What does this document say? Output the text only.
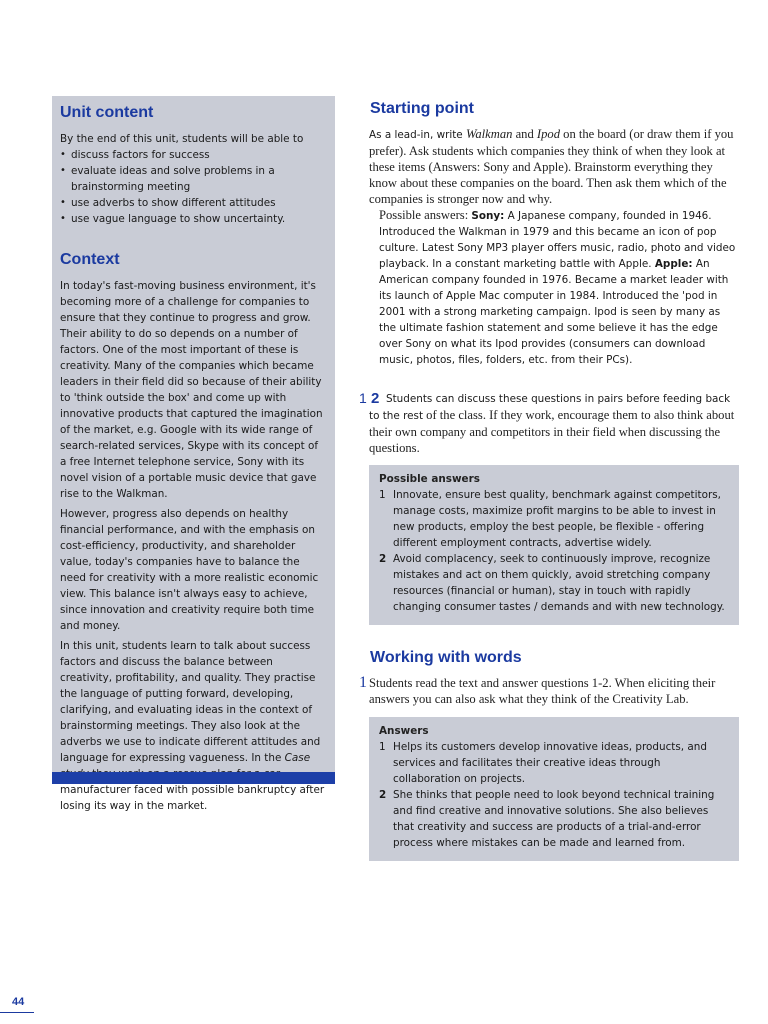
Unit content

By the end of this unit, students will be able to

• discuss factors for success
• evaluate ideas and solve problems in a brainstorming meeting
• use adverbs to show different attitudes
• use vague language to show uncertainty.
Context

In today's fast-moving business environment, it's becoming more of a challenge for companies to ensure that they continue to progress and grow. Their ability to do so depends on a number of factors. One of the most important of these is creativity. Many of the companies which became leaders in their field did so because of their ability to 'think outside the box' and come up with innovative products that captured the imagination of the market, e.g. Google with its wide range of search-related services, Skype with its concept of a free Internet telephone service, Sony with its novel vision of a portable music device that gave rise to the Walkman.

However, progress also depends on healthy financial performance, and with the emphasis on cost-efficiency, productivity, and shareholder value, today's companies have to balance the need for creativity with a more realistic economic view. This balance isn't always easy to achieve, since innovation and creativity require both time and money.

In this unit, students learn to talk about success factors and discuss the balance between creativity, profitability, and quality. They practise the language of putting forward, developing, clarifying, and evaluating ideas in the context of brainstorming meetings. They also look at the adverbs we use to indicate different attitudes and language for expressing vagueness. In the Case manufacturer faced with possible bankruptcy after losing its way in the market.

Starting point

As a lead-in, write Walkman and Ipod on the board (or draw them if you prefer). Ask students which companies they think of when they look at these items (Answers: Sony and Apple). Brainstorm everything they know about these companies on the board. Then ask them which of the companies is stronger now and why.

Possible answers: Sony: A Japanese company, founded in 1946. Introduced the Walkman in 1979 and this became an icon of pop culture. Latest Sony MP3 player offers music, radio, photo and video playback. In a constant marketing battle with Apple. Apple: An American company founded in 1976. Became a market leader with its launch of Apple Mac computer in 1984. Introduced the 'pod in 2001 with a strong marketing campaign. Ipod is seen by many as the ultimate fashion statement and some believe it has the edge over Sony on what its Ipod provides (consumers can download music, photos, files, folders, etc. from their PCs).

1 2 Students can discuss these questions in pairs before feeding back to the rest of the class. If they work, encourage them to also think about their own company and competitors in their field when discussing the questions.

Possible answers

1 Innovate, ensure best quality, benchmark against competitors, manage costs, maximize profit margins to be able to invest in new products, employ the best people, be flexible - offering different employment contracts, advertise widely.
2 Avoid complacency, seek to continuously improve, recognize mistakes and act on them quickly, avoid stretching company resources (financial or human), stay in touch with rapidly changing consumer tastes / demands and with new technology.
Working with words

1 Students read the text and answer questions 1-2. When eliciting their answers you can also ask what they think of the Creativity Lab.

Answers

1 Helps its customers develop innovative ideas, products, and services and facilitates their creative ideas through collaboration on projects.
2 She thinks that people need to look beyond technical training and find creative and innovative solutions. She also believes that creativity and success are products of a trial-and-error process where mistakes can be made and learned from.
44
